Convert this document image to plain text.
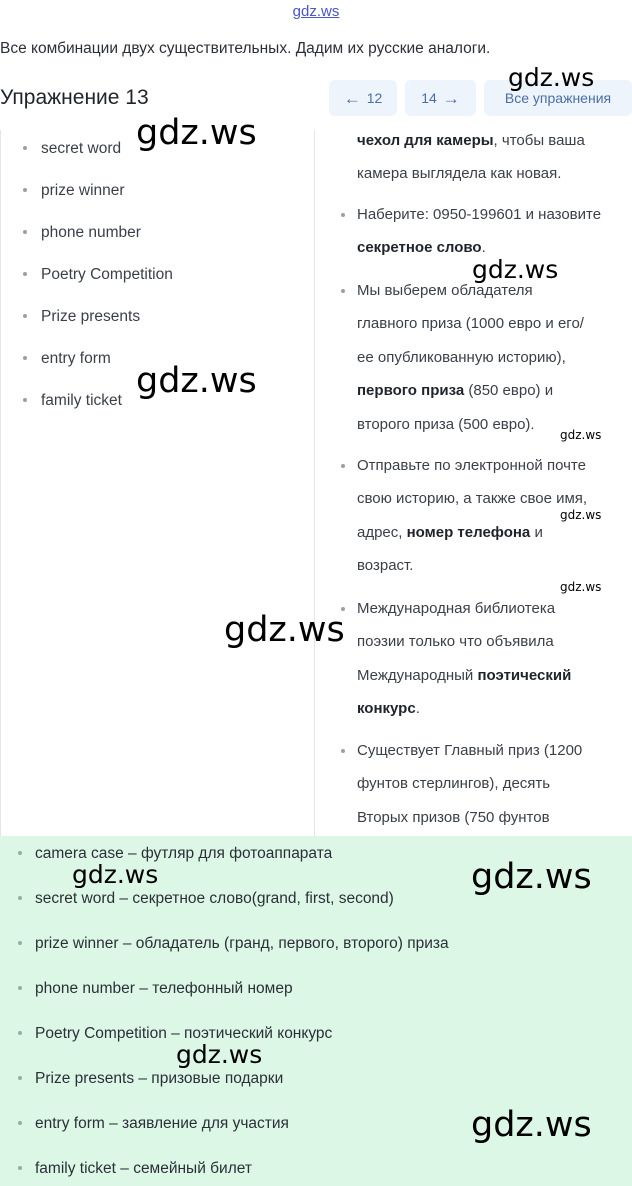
gdz.ws
Все комбинации двух существительных. Дадим их русские аналоги.
Упражнение 13	← 12	14 →	Все упражнения
secret word
prize winner
phone number
Poetry Competition
Prize presents
entry form
family ticket
чехол для камеры, чтобы ваша
камера выглядела как новая.
Наберите: 0950-199601 и назовите
секретное слово.
Мы выберем обладателя
главного приза (1000 евро и его/
ее опубликованную историю),
первого приза (850 евро) и
второго приза (500 евро).
Отправьте по электронной почте
свою историю, а также свое имя,
адрес, номер телефона и
возраст.
Международная библиотека
поэзии только что объявила
Международный поэтический
конкурс.
Существует Главный приз (1200
фунтов стерлингов), десять
Вторых призов (750 фунтов
camera case – футляр для фотоаппарата
secret word – секретное слово(grand, first, second)
prize winner – обладатель (гранд, первого, второго) приза
phone number – телефонный номер
Poetry Competition – поэтический конкурс
Prize presents – призовые подарки
entry form – заявление для участия
family ticket – семейный билет
gdz.ws
gdz.ws
gdz.ws
gdz.ws
gdz.ws
gdz.ws
gdz.ws
gdz.ws
gdz.ws	gdz.ws
gdz.ws
gdz.ws
